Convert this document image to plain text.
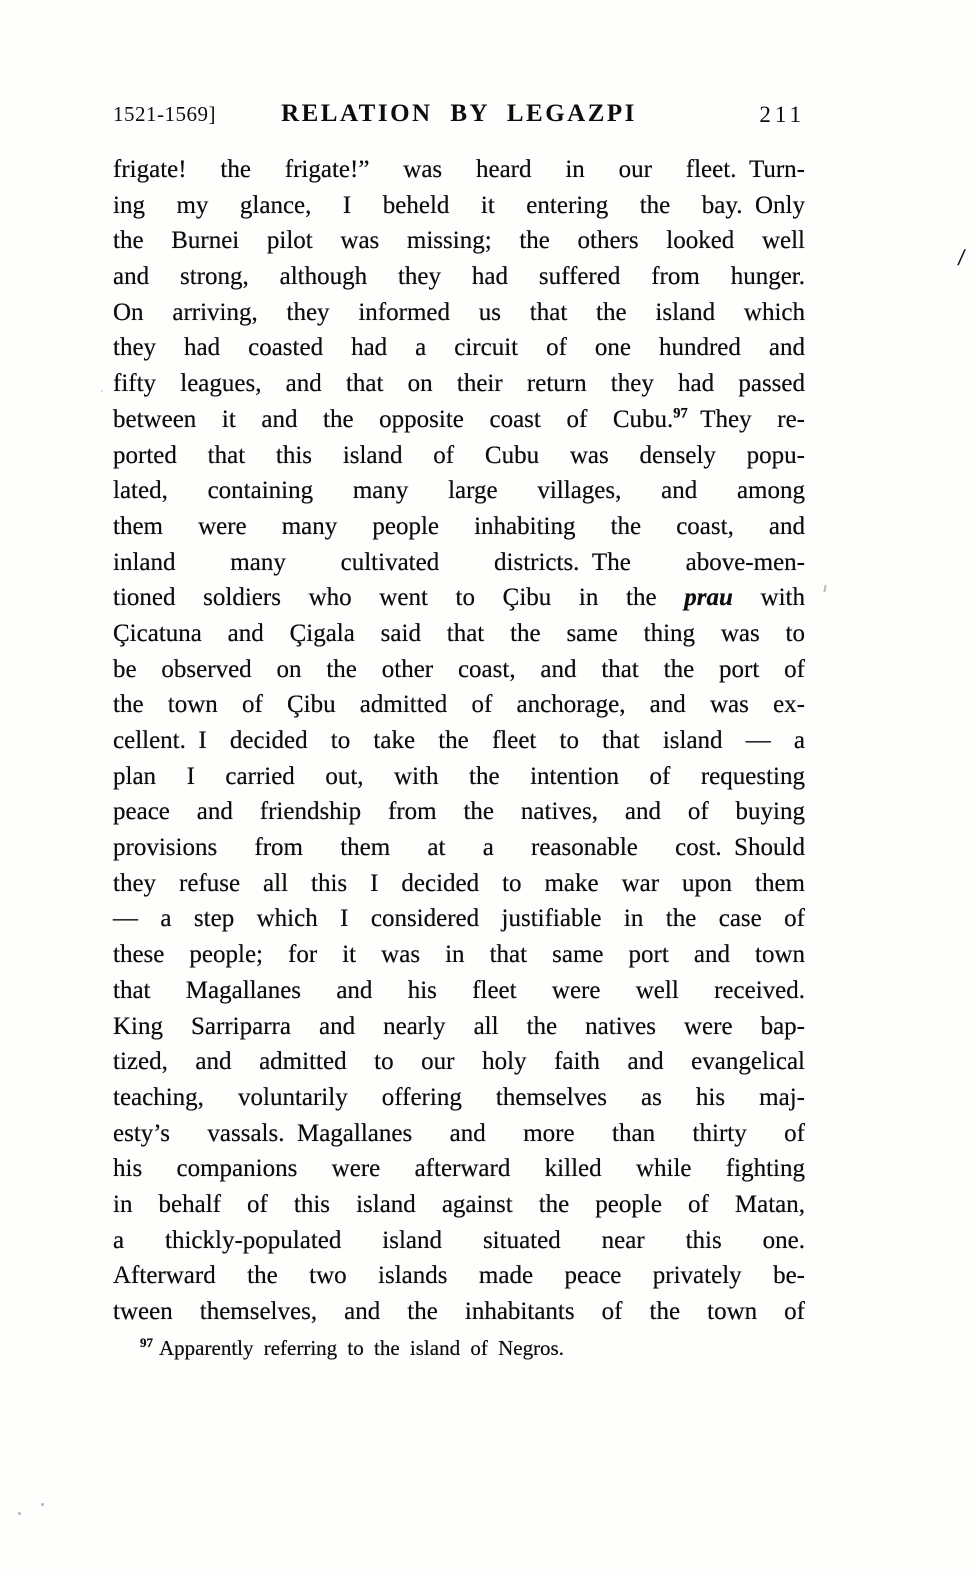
1521-1569]	RELATION BY LEGAZPI	211
frigate! the frigate!” was heard in our fleet. Turn-
ing my glance, I beheld it entering the bay. Only
the Burnei pilot was missing; the others looked well
and strong, although they had suffered from hunger.
On arriving, they informed us that the island which
they had coasted had a circuit of one hundred and
fifty leagues, and that on their return they had passed
between it and the opposite coast of Cubu.$^{97}$ They re-
ported that this island of Cubu was densely popu-
lated, containing many large villages, and among
them were many people inhabiting the coast, and
inland many cultivated districts. The above-men-
tioned soldiers who went to Çibu in the prau with
Çicatuna and Çigala said that the same thing was to
be observed on the other coast, and that the port of
the town of Çibu admitted of anchorage, and was ex-
cellent. I decided to take the fleet to that island — a
plan I carried out, with the intention of requesting
peace and friendship from the natives, and of buying
provisions from them at a reasonable cost. Should
they refuse all this I decided to make war upon them
— a step which I considered justifiable in the case of
these people; for it was in that same port and town
that Magallanes and his fleet were well received.
King Sarriparra and nearly all the natives were bap-
tized, and admitted to our holy faith and evangelical
teaching, voluntarily offering themselves as his maj-
esty’s vassals. Magallanes and more than thirty of
his companions were afterward killed while fighting
in behalf of this island against the people of Matan,
a thickly-populated island situated near this one.
Afterward the two islands made peace privately be-
tween themselves, and the inhabitants of the town of
$^{97}$ Apparently referring to the island of Negros.
/
